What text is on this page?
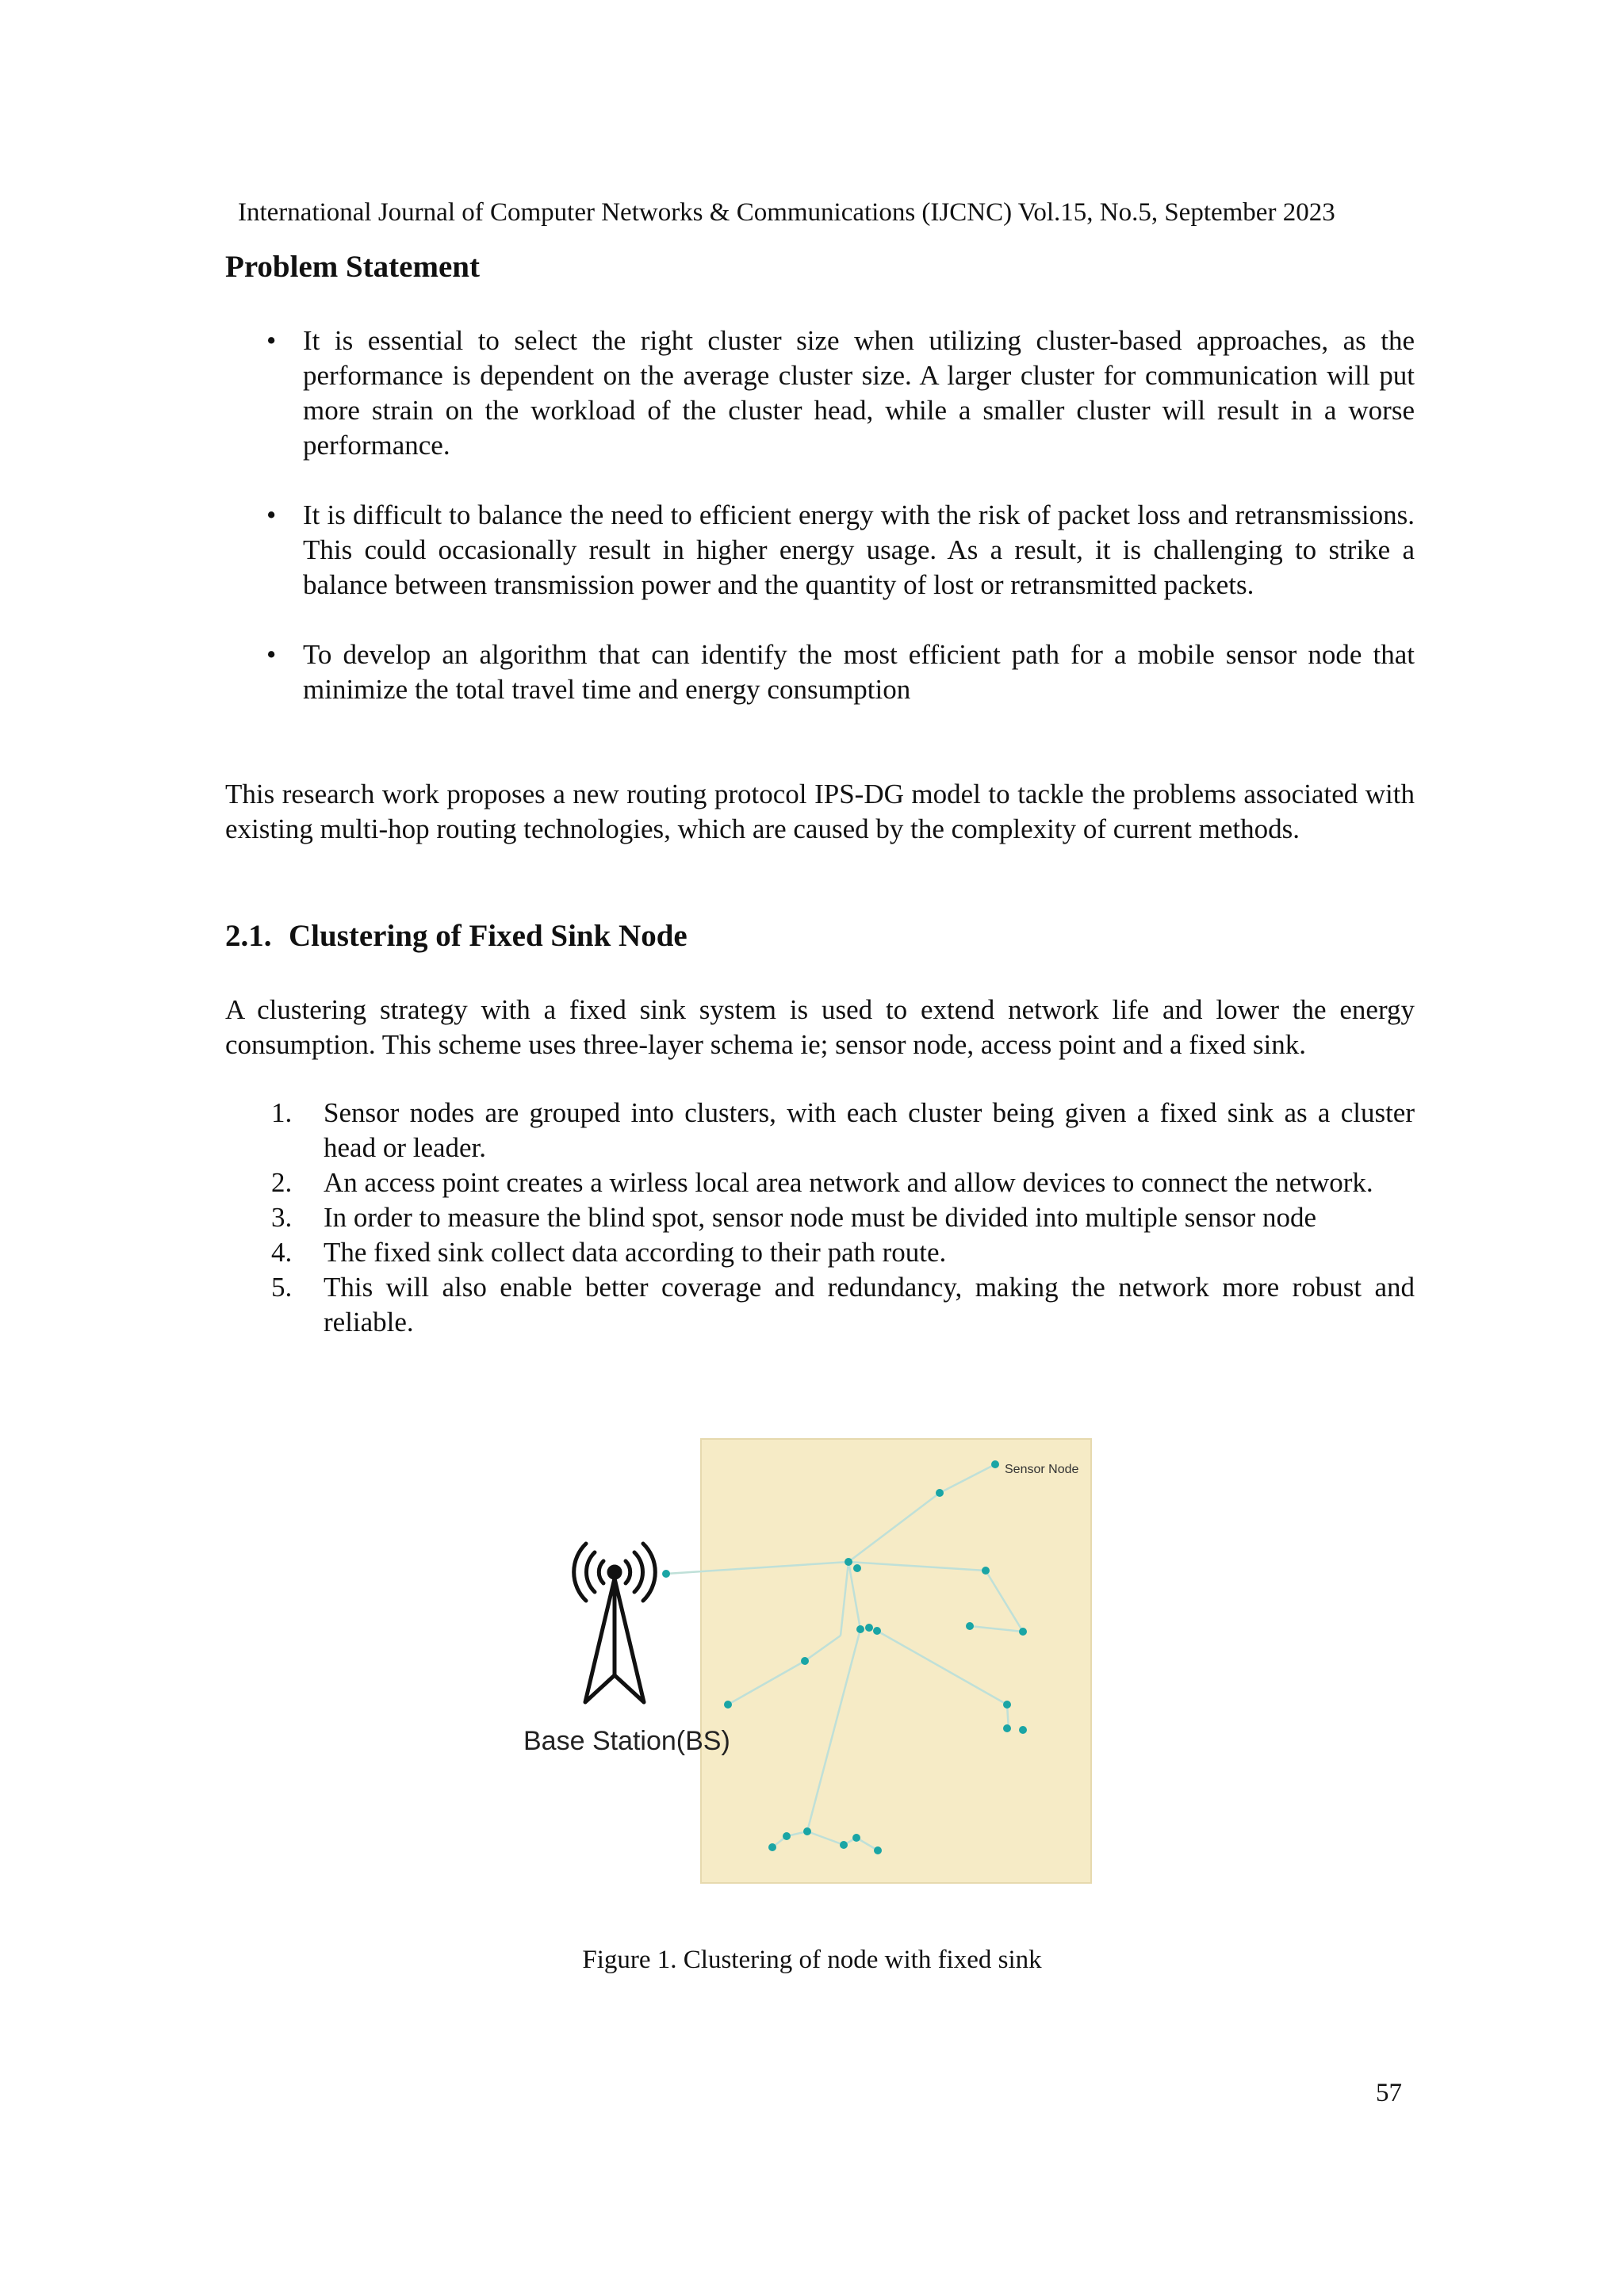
International Journal of Computer Networks & Communications (IJCNC) Vol.15, No.5, September 2023
Problem Statement
• It is essential to select the right cluster size when utilizing cluster-based approaches, as the performance is dependent on the average cluster size. A larger cluster for communication will put more strain on the workload of the cluster head, while a smaller cluster will result in a worse performance.
• It is difficult to balance the need to efficient energy with the risk of packet loss and retransmissions. This could occasionally result in higher energy usage. As a result, it is challenging to strike a balance between transmission power and the quantity of lost or retransmitted packets.
• To develop an algorithm that can identify the most efficient path for a mobile sensor node that minimize the total travel time and energy consumption

This research work proposes a new routing protocol IPS-DG model to tackle the problems associated with existing multi-hop routing technologies, which are caused by the complexity of current methods.

2.1. Clustering of Fixed Sink Node

A clustering strategy with a fixed sink system is used to extend network life and lower the energy consumption. This scheme uses three-layer schema ie; sensor node, access point and a fixed sink.

1. Sensor nodes are grouped into clusters, with each cluster being given a fixed sink as a cluster head or leader.
2. An access point creates a wirless local area network and allow devices to connect the network.
3. In order to measure the blind spot, sensor node must be divided into multiple sensor node
4. The fixed sink collect data according to their path route.
5. This will also enable better coverage and redundancy, making the network more robust and reliable.
Sensor Node
Base Station(BS)
Figure 1. Clustering of node with fixed sink
57
